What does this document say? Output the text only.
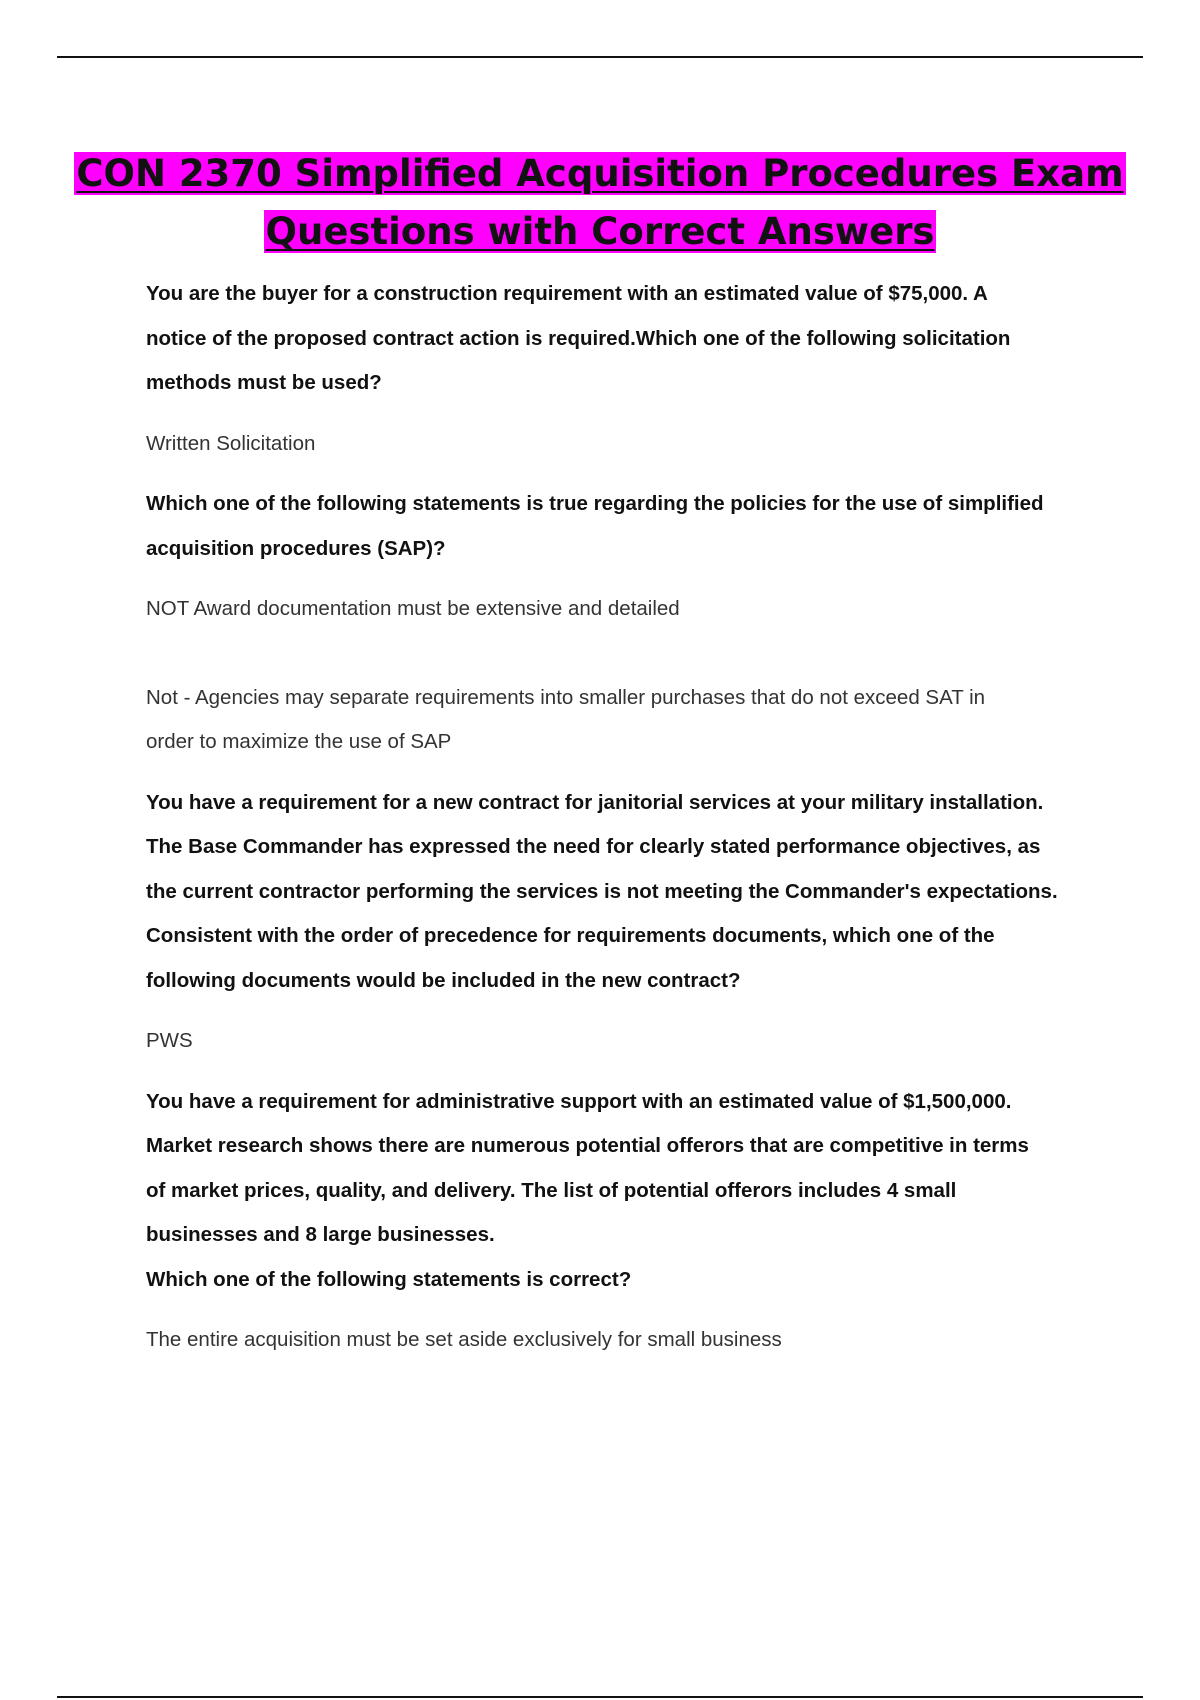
CON 2370 Simplified Acquisition Procedures Exam
Questions with Correct Answers

You are the buyer for a construction requirement with an estimated value of $75,000. A
notice of the proposed contract action is required.Which one of the following solicitation
methods must be used?

Written Solicitation

Which one of the following statements is true regarding the policies for the use of simplified
acquisition procedures (SAP)?

NOT Award documentation must be extensive and detailed

Not - Agencies may separate requirements into smaller purchases that do not exceed SAT in
order to maximize the use of SAP

You have a requirement for a new contract for janitorial services at your military installation.
The Base Commander has expressed the need for clearly stated performance objectives, as
the current contractor performing the services is not meeting the Commander's expectations.
Consistent with the order of precedence for requirements documents, which one of the
following documents would be included in the new contract?

PWS

You have a requirement for administrative support with an estimated value of $1,500,000.
Market research shows there are numerous potential offerors that are competitive in terms
of market prices, quality, and delivery. The list of potential offerors includes 4 small
businesses and 8 large businesses.
Which one of the following statements is correct?

The entire acquisition must be set aside exclusively for small business
